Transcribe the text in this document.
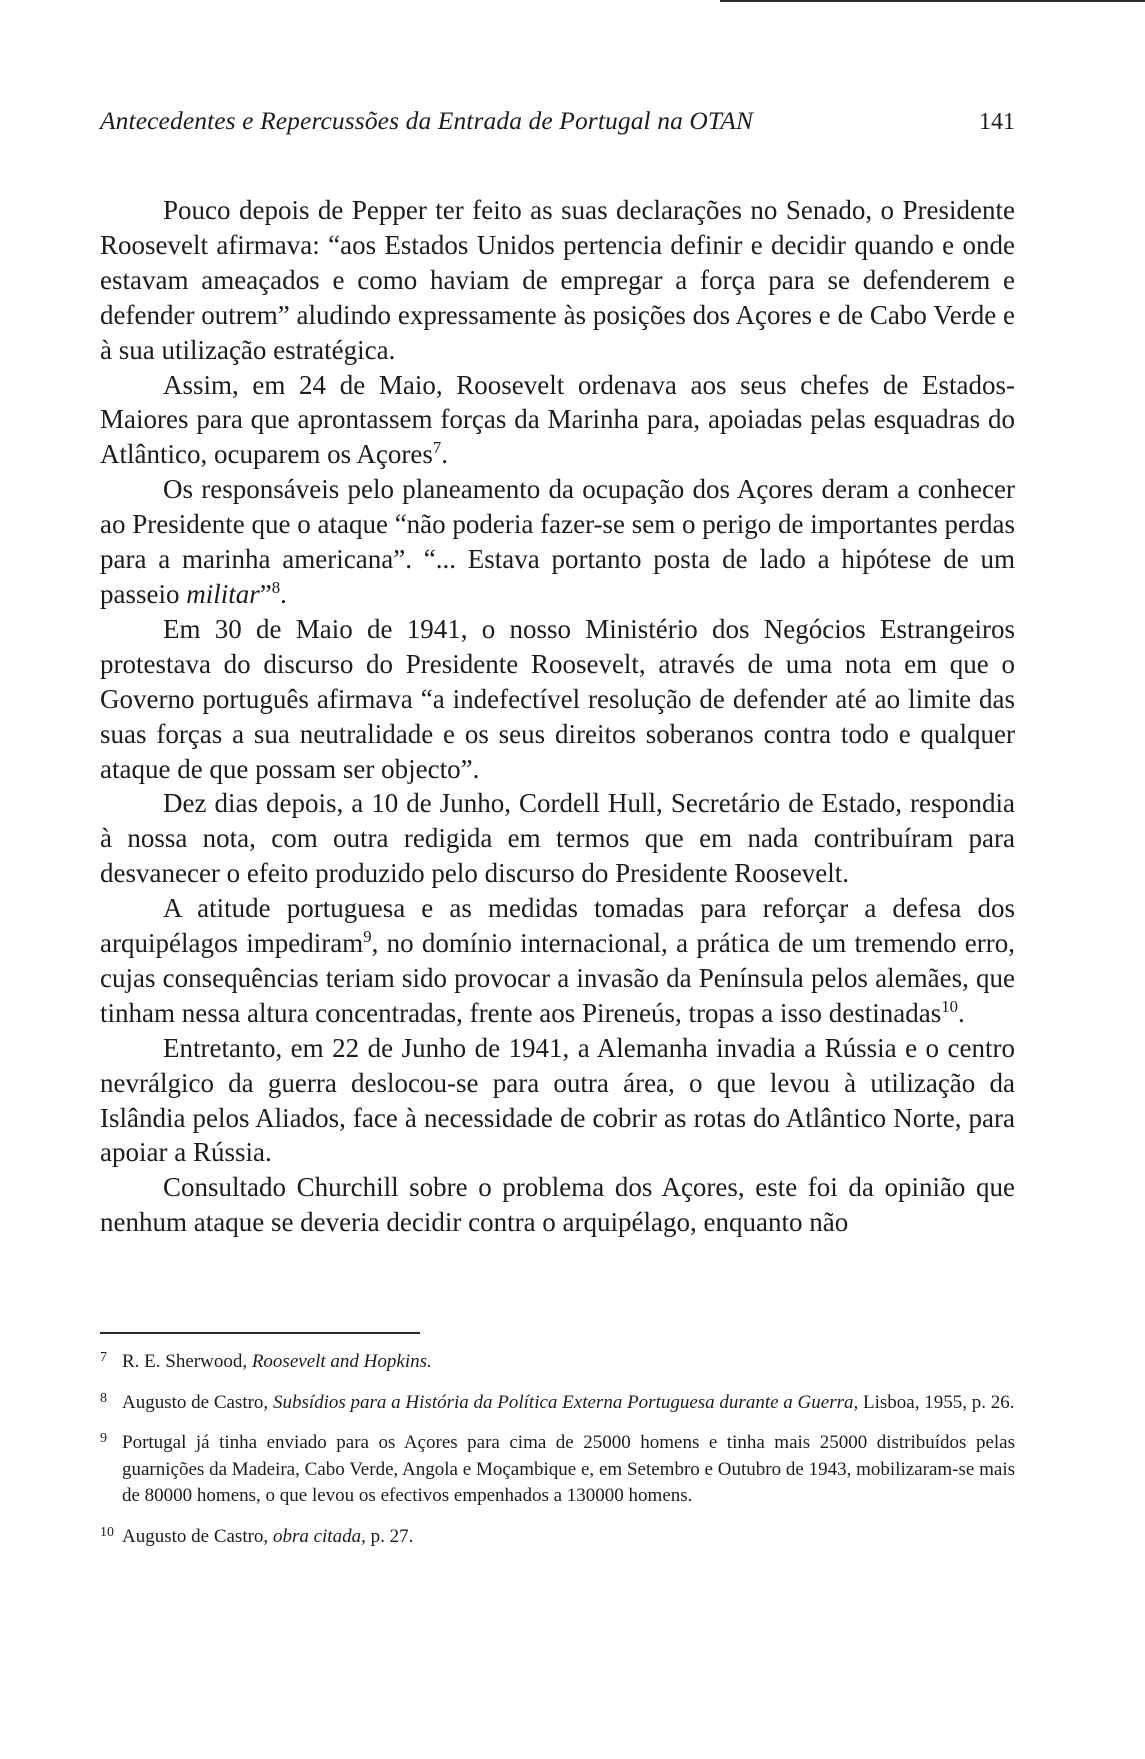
Antecedentes e Repercussões da Entrada de Portugal na OTAN	141

Pouco depois de Pepper ter feito as suas declarações no Senado, o Presidente Roosevelt afirmava: “aos Estados Unidos pertencia definir e decidir quando e onde estavam ameaçados e como haviam de empregar a força para se defenderem e defender outrem” aludindo expressamente às posições dos Açores e de Cabo Verde e à sua utilização estratégica.

Assim, em 24 de Maio, Roosevelt ordenava aos seus chefes de Estados-Maiores para que aprontassem forças da Marinha para, apoiadas pelas esquadras do Atlântico, ocuparem os Açores$^7$.

Os responsáveis pelo planeamento da ocupação dos Açores deram a conhecer ao Presidente que o ataque “não poderia fazer-se sem o perigo de importantes perdas para a marinha americana”. “... Estava portanto posta de lado a hipótese de um passeio militar”$^8$.

Em 30 de Maio de 1941, o nosso Ministério dos Negócios Estrangeiros protestava do discurso do Presidente Roosevelt, através de uma nota em que o Governo português afirmava “a indefectível resolução de defender até ao limite das suas forças a sua neutralidade e os seus direitos soberanos contra todo e qualquer ataque de que possam ser objecto”.

Dez dias depois, a 10 de Junho, Cordell Hull, Secretário de Estado, respondia à nossa nota, com outra redigida em termos que em nada contribuíram para desvanecer o efeito produzido pelo discurso do Presidente Roosevelt.

A atitude portuguesa e as medidas tomadas para reforçar a defesa dos arquipélagos impediram$^9$, no domínio internacional, a prática de um tremendo erro, cujas consequências teriam sido provocar a invasão da Península pelos alemães, que tinham nessa altura concentradas, frente aos Pireneús, tropas a isso destinadas$^{10}$.

Entretanto, em 22 de Junho de 1941, a Alemanha invadia a Rússia e o centro nevrálgico da guerra deslocou-se para outra área, o que levou à utilização da Islândia pelos Aliados, face à necessidade de cobrir as rotas do Atlântico Norte, para apoiar a Rússia.

Consultado Churchill sobre o problema dos Açores, este foi da opinião que nenhum ataque se deveria decidir contra o arquipélago, enquanto não

7 R. E. Sherwood, Roosevelt and Hopkins.

8 Augusto de Castro, Subsídios para a História da Política Externa Portuguesa durante a Guerra, Lisboa, 1955, p. 26.

9 Portugal já tinha enviado para os Açores para cima de 25000 homens e tinha mais 25000 distribuídos pelas guarnições da Madeira, Cabo Verde, Angola e Moçambique e, em Setembro e Outubro de 1943, mobilizaram-se mais de 80000 homens, o que levou os efectivos empenhados a 130000 homens.

10 Augusto de Castro, obra citada, p. 27.
